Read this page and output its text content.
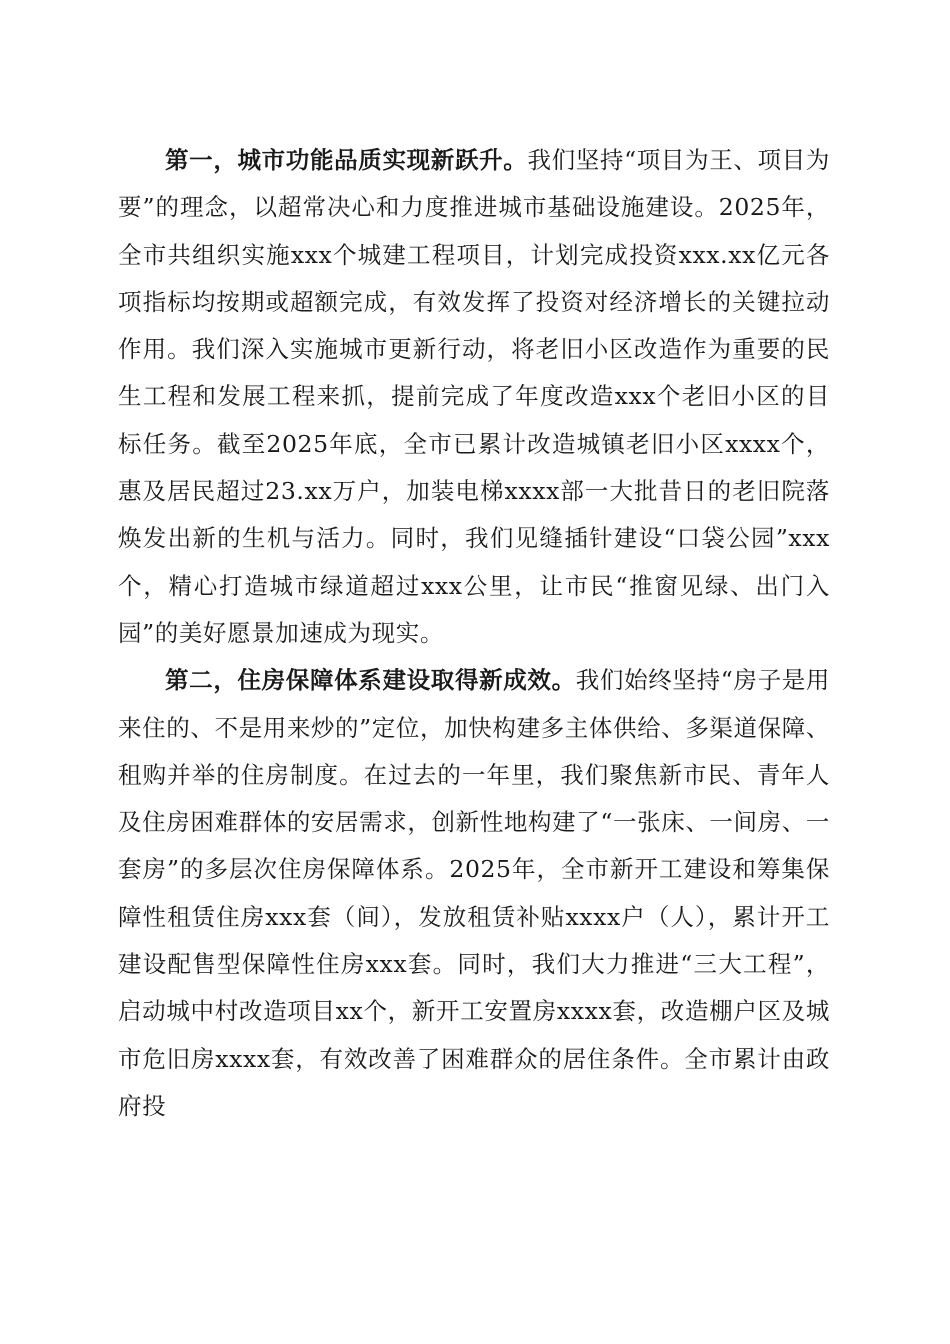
第一，城市功能品质实现新跃升。我们坚持“项目为王、项目为要”的理念，以超常决心和力度推进城市基础设施建设。2025年，全市共组织实施xxx个城建工程项目，计划完成投资xxx.xx亿元各项指标均按期或超额完成，有效发挥了投资对经济增长的关键拉动作用。我们深入实施城市更新行动，将老旧小区改造作为重要的民生工程和发展工程来抓，提前完成了年度改造xxx个老旧小区的目标任务。截至2025年底，全市已累计改造城镇老旧小区xxxx个，惠及居民超过23.xx万户，加装电梯xxxx部一大批昔日的老旧院落焕发出新的生机与活力。同时，我们见缝插针建设“口袋公园”xxx个，精心打造城市绿道超过xxx公里，让市民“推窗见绿、出门入园”的美好愿景加速成为现实。

第二，住房保障体系建设取得新成效。我们始终坚持“房子是用来住的、不是用来炒的”定位，加快构建多主体供给、多渠道保障、租购并举的住房制度。在过去的一年里，我们聚焦新市民、青年人及住房困难群体的安居需求，创新性地构建了“一张床、一间房、一套房”的多层次住房保障体系。2025年，全市新开工建设和筹集保障性租赁住房xxx套（间），发放租赁补贴xxxx户（人），累计开工建设配售型保障性住房xxx套。同时，我们大力推进“三大工程”，启动城中村改造项目xx个，新开工安置房xxxx套，改造棚户区及城市危旧房xxxx套，有效改善了困难群众的居住条件。全市累计由政府投
